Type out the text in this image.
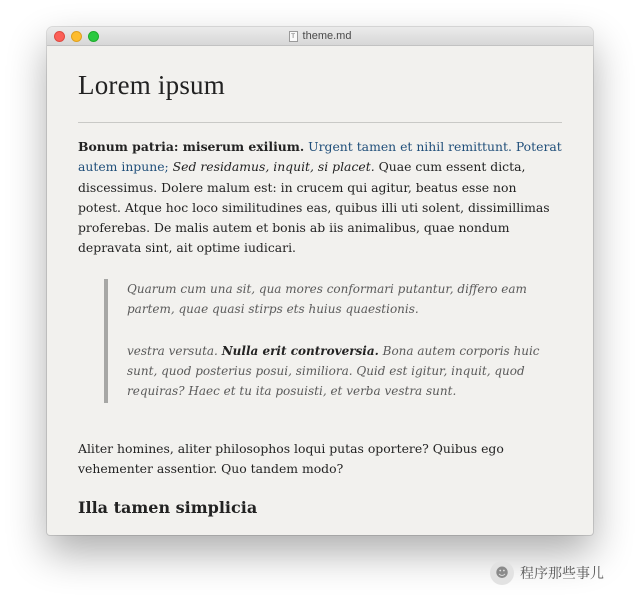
T theme.md
Lorem ipsum

Bonum patria: miserum exilium. Urgent tamen et nihil remittunt. Poterat autem inpune; Sed residamus, inquit, si placet. Quae cum essent dicta, discessimus. Dolere malum est: in crucem qui agitur, beatus esse non potest. Atque hoc loco similitudines eas, quibus illi uti solent, dissimillimas proferebas. De malis autem et bonis ab iis animalibus, quae nondum depravata sint, ait optime iudicari.

Quarum cum una sit, qua mores conformari putantur, differo eam partem, quae quasi stirps ets huius quaestionis.

vestra versuta. Nulla erit controversia. Bona autem corporis huic sunt, quod posterius posui, similiora. Quid est igitur, inquit, quod requiras? Haec et tu ita posuisti, et verba vestra sunt.

Aliter homines, aliter philosophos loqui putas oportere? Quibus ego vehementer assentior. Quo tandem modo?

Illa tamen simplicia
☻ 程序那些事儿
